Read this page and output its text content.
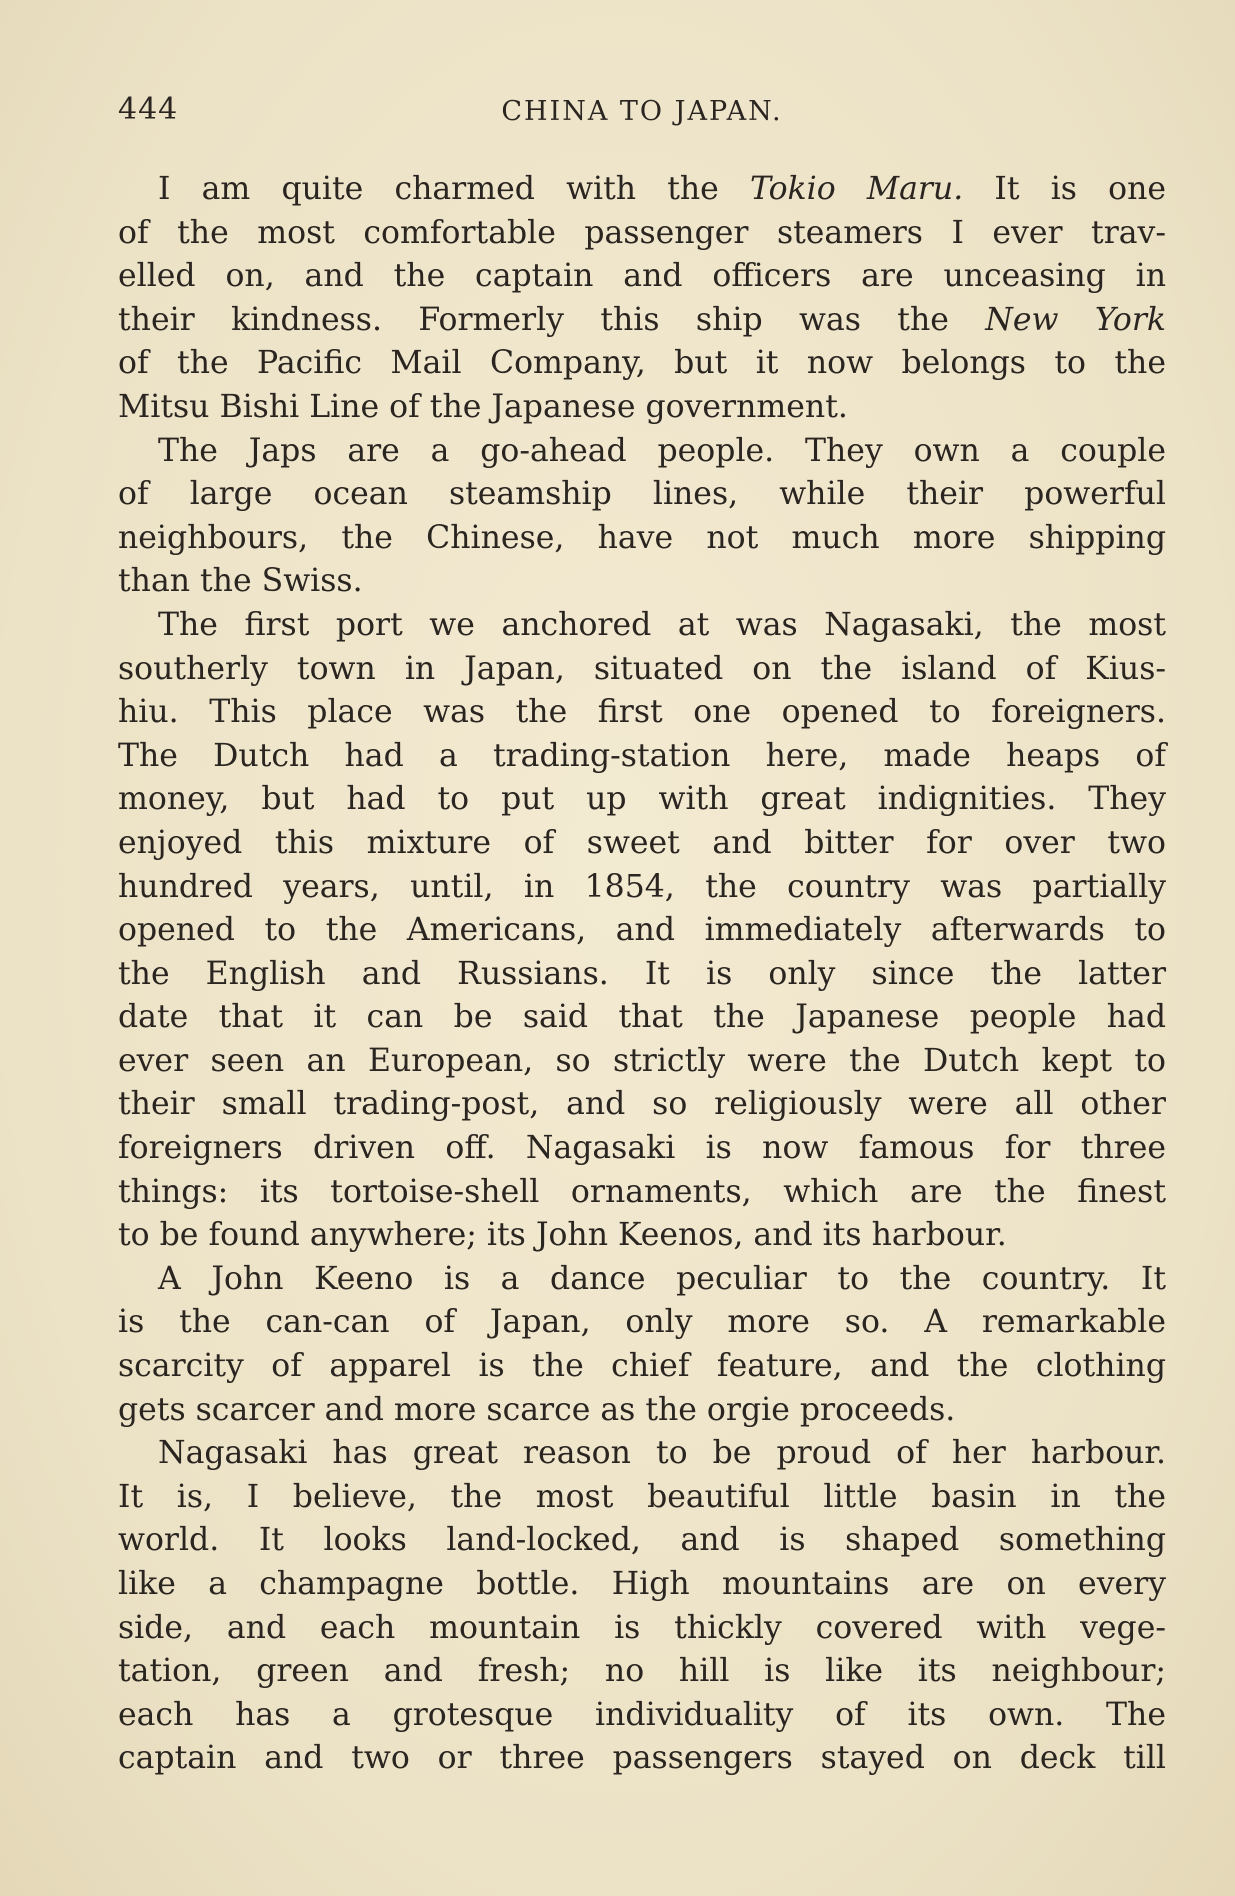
444	CHINA TO JAPAN.
I am quite charmed with the Tokio Maru. It is one
of the most comfortable passenger steamers I ever trav-
elled on, and the captain and officers are unceasing in
their kindness. Formerly this ship was the New York
of the Pacific Mail Company, but it now belongs to the
Mitsu Bishi Line of the Japanese government.
The Japs are a go-ahead people. They own a couple
of large ocean steamship lines, while their powerful
neighbours, the Chinese, have not much more shipping
than the Swiss.
The first port we anchored at was Nagasaki, the most
southerly town in Japan, situated on the island of Kius-
hiu. This place was the first one opened to foreigners.
The Dutch had a trading-station here, made heaps of
money, but had to put up with great indignities. They
enjoyed this mixture of sweet and bitter for over two
hundred years, until, in 1854, the country was partially
opened to the Americans, and immediately afterwards to
the English and Russians. It is only since the latter
date that it can be said that the Japanese people had
ever seen an European, so strictly were the Dutch kept to
their small trading-post, and so religiously were all other
foreigners driven off. Nagasaki is now famous for three
things: its tortoise-shell ornaments, which are the finest
to be found anywhere; its John Keenos, and its harbour.
A John Keeno is a dance peculiar to the country. It
is the can-can of Japan, only more so. A remarkable
scarcity of apparel is the chief feature, and the clothing
gets scarcer and more scarce as the orgie proceeds.
Nagasaki has great reason to be proud of her harbour.
It is, I believe, the most beautiful little basin in the
world. It looks land-locked, and is shaped something
like a champagne bottle. High mountains are on every
side, and each mountain is thickly covered with vege-
tation, green and fresh; no hill is like its neighbour;
each has a grotesque individuality of its own. The
captain and two or three passengers stayed on deck till
